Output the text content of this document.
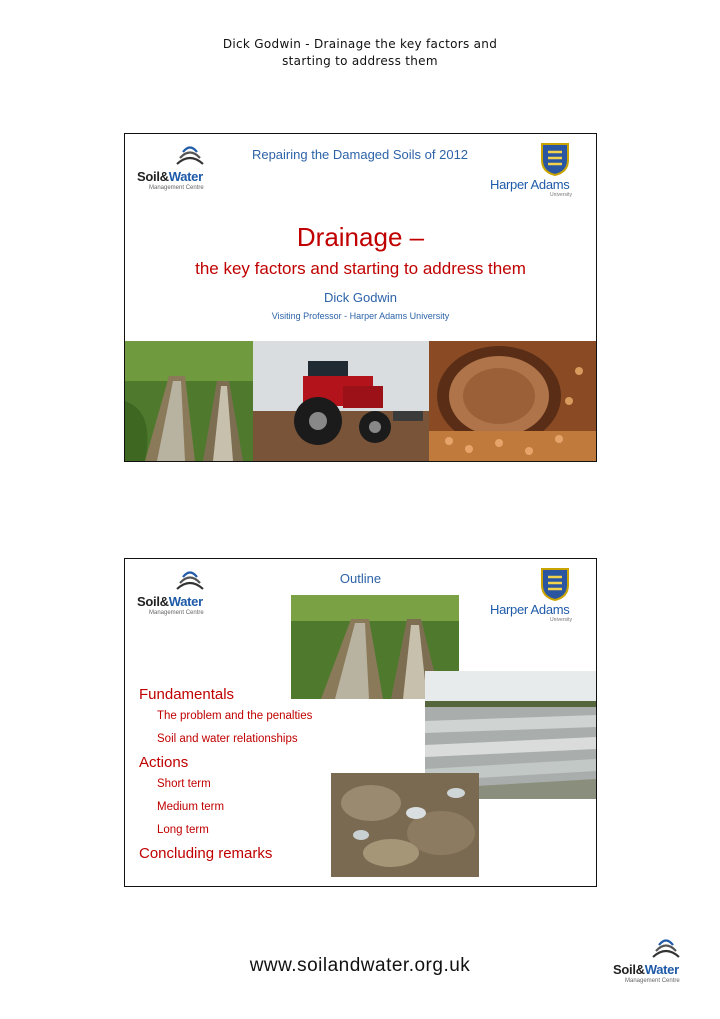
Dick Godwin - Drainage the key factors and
starting to address them
Soil&Water
Management Centre	Harper Adams
University
Repairing the Damaged Soils of 2012
Drainage –
the key factors and starting to address them
Dick Godwin
Visiting Professor - Harper Adams University
Soil&Water
Management Centre	Harper Adams
University
Outline
Fundamentals
The problem and the penalties
Soil and water relationships
Actions
Short term
Medium term
Long term
Concluding remarks
www.soilandwater.org.uk	Soil&Water
Management Centre
